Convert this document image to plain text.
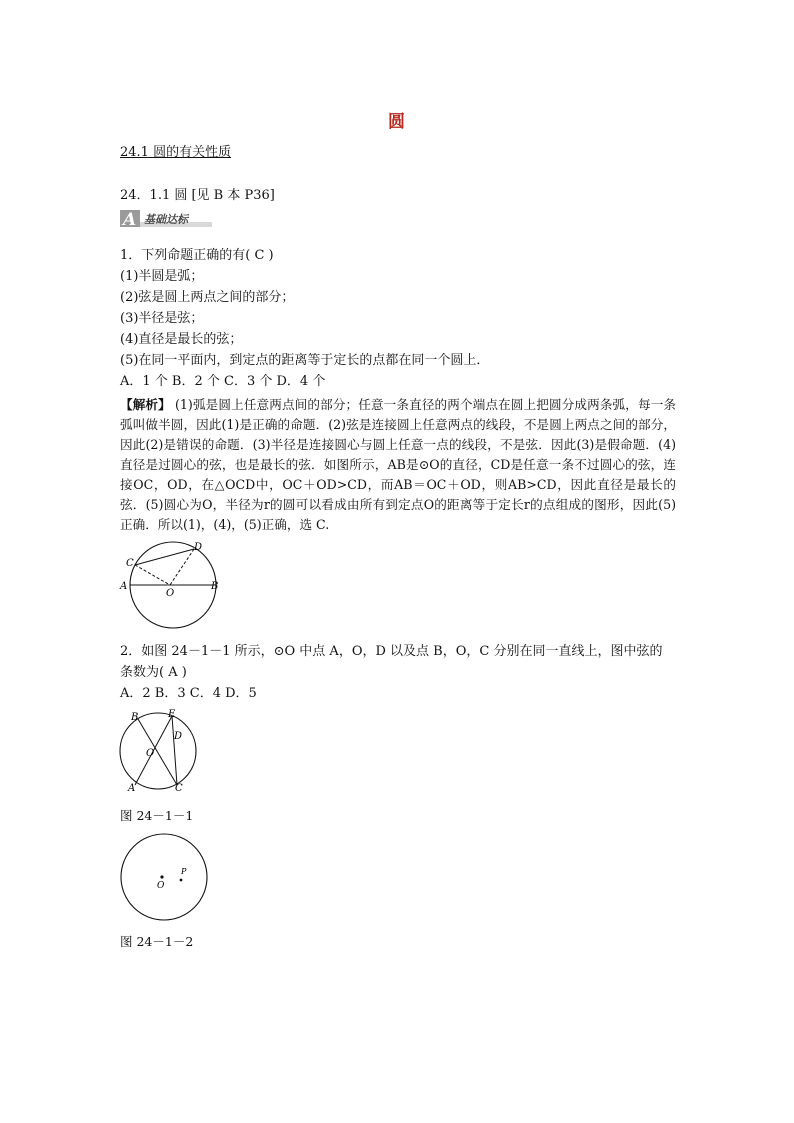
圆
24.1 圆的有关性质
24．1.1 圆 [见 B 本 P36]
A 基础达标
1．下列命题正确的有( C )
(1)半圆是弧；
(2)弦是圆上两点之间的部分；
(3)半径是弦；
(4)直径是最长的弦；
(5)在同一平面内，到定点的距离等于定长的点都在同一个圆上．
A．1 个 B．2 个 C．3 个 D．4 个
【解析】 (1)弧是圆上任意两点间的部分；任意一条直径的两个端点在圆上把圆分成两条弧，每一条弧叫做半圆，因此(1)是正确的命题．(2)弦是连接圆上任意两点的线段，不是圆上两点之间的部分，因此(2)是错误的命题．(3)半径是连接圆心与圆上任意一点的线段，不是弦．因此(3)是假命题．(4)直径是过圆心的弦，也是最长的弦．如图所示，AB是⊙O的直径，CD是任意一条不过圆心的弦，连接OC，OD，在△OCD中，OC＋OD>CD，而AB＝OC＋OD，则AB>CD，因此直径是最长的弦．(5)圆心为O，半径为r的圆可以看成由所有到定点O的距离等于定长r的点组成的图形，因此(5)正确．所以(1)，(4)，(5)正确，选 C.
C
D
A
O
B
2．如图 24－1－1 所示，⊙O 中点 A，O，D 以及点 B，O，C 分别在同一直线上，图中弦的
条数为( A )
A．2 B．3 C．4 D．5
B	E
D
O
A	C
图 24－1－1
O
P
图 24－1－2
